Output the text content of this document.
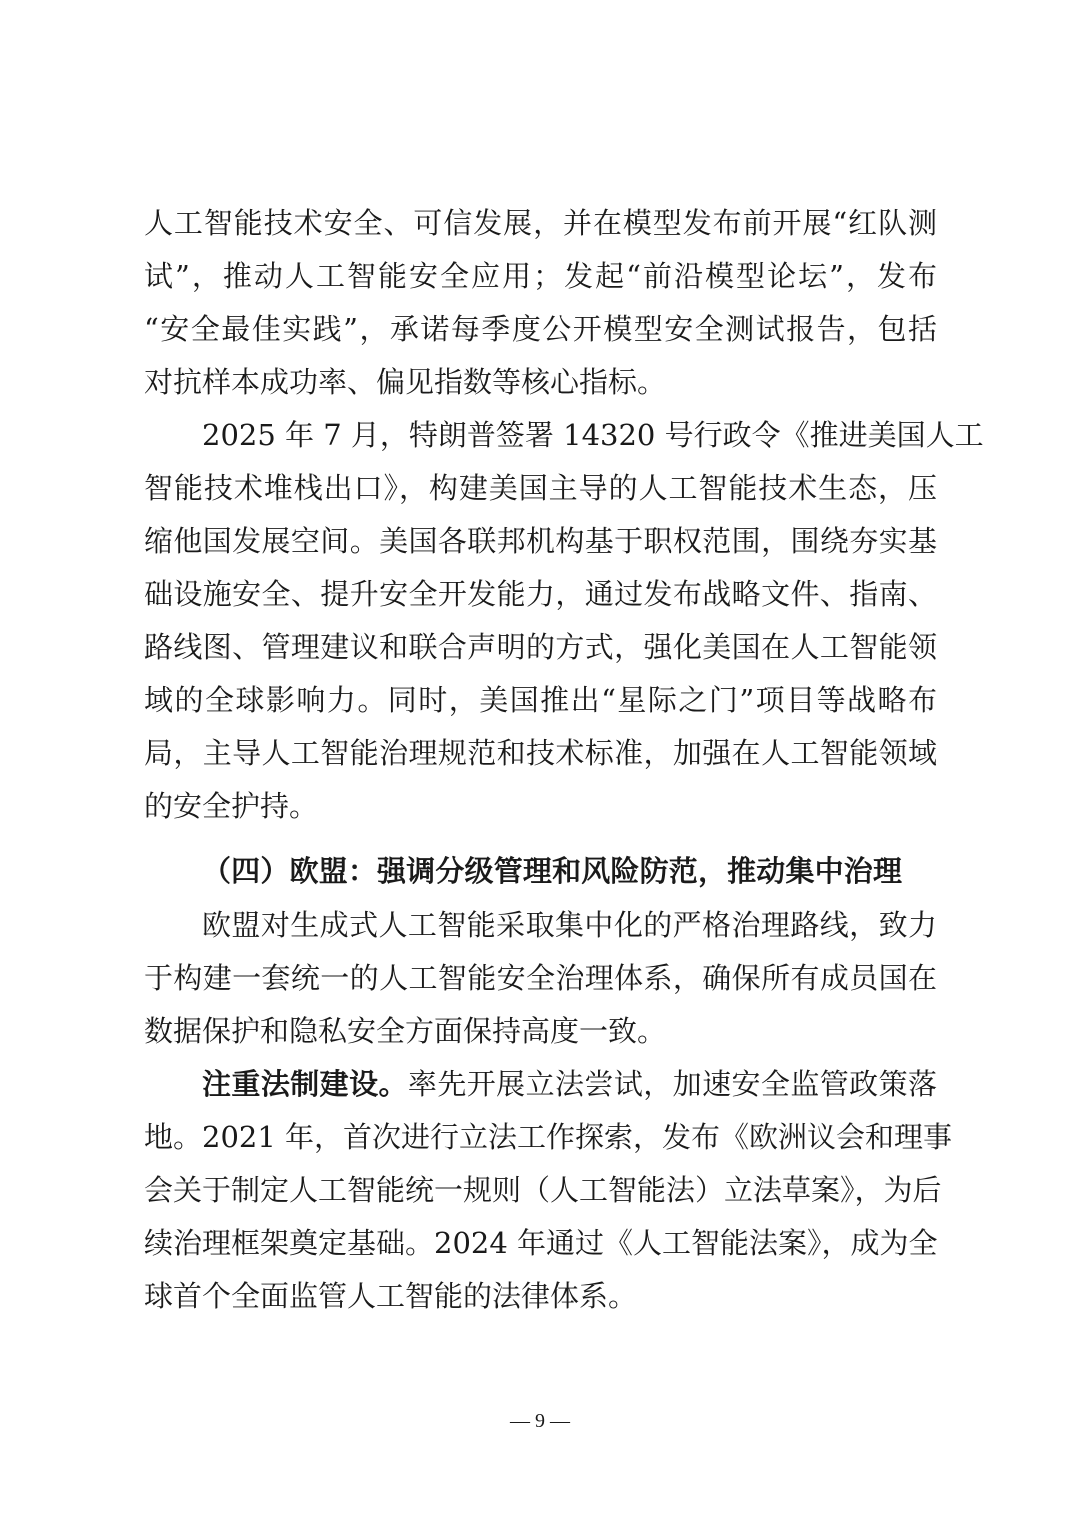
人工智能技术安全、可信发展，并在模型发布前开展“红队测
试”，推动人工智能安全应用；发起“前沿模型论坛”，发布
“安全最佳实践”，承诺每季度公开模型安全测试报告，包括
对抗样本成功率、偏见指数等核心指标。
2025 年 7 月，特朗普签署 14320 号行政令《推进美国人工
智能技术堆栈出口》，构建美国主导的人工智能技术生态，压
缩他国发展空间。美国各联邦机构基于职权范围，围绕夯实基
础设施安全、提升安全开发能力，通过发布战略文件、指南、
路线图、管理建议和联合声明的方式，强化美国在人工智能领
域的全球影响力。同时，美国推出“星际之门”项目等战略布
局，主导人工智能治理规范和技术标准，加强在人工智能领域
的安全护持。
（四）欧盟：强调分级管理和风险防范，推动集中治理
欧盟对生成式人工智能采取集中化的严格治理路线，致力
于构建一套统一的人工智能安全治理体系，确保所有成员国在
数据保护和隐私安全方面保持高度一致。
注重法制建设。率先开展立法尝试，加速安全监管政策落
地。2021 年，首次进行立法工作探索，发布《欧洲议会和理事
会关于制定人工智能统一规则（人工智能法）立法草案》，为后
续治理框架奠定基础。2024 年通过《人工智能法案》，成为全
球首个全面监管人工智能的法律体系。
— 9 —
